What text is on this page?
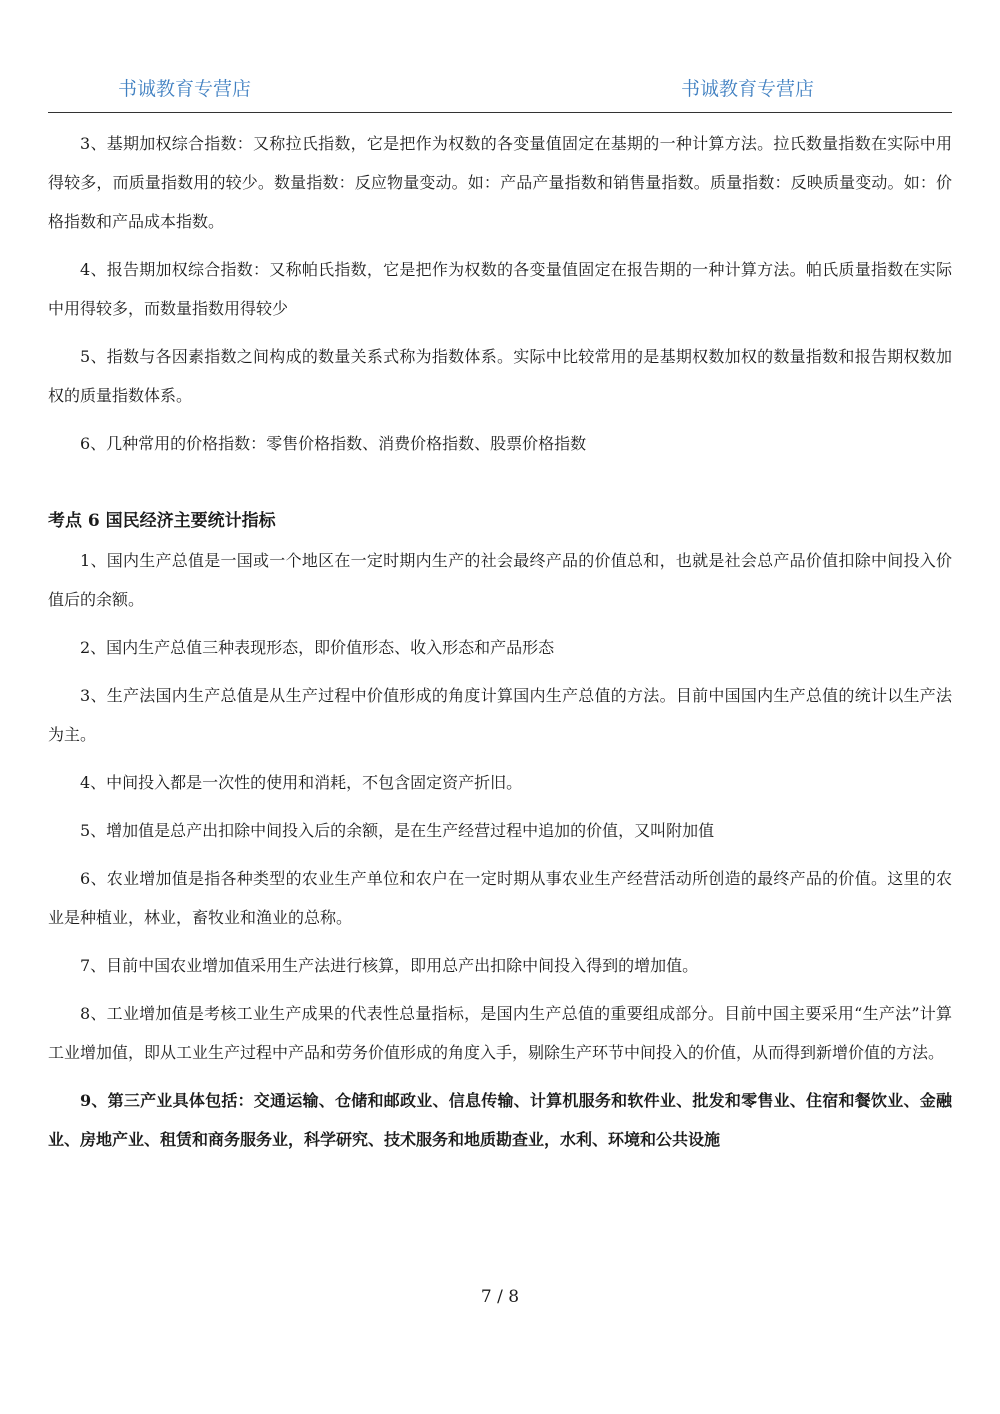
书诚教育专营店	书诚教育专营店

3、基期加权综合指数：又称拉氏指数，它是把作为权数的各变量值固定在基期的一种计算方法。拉氏数量指数在实际中用得较多，而质量指数用的较少。数量指数：反应物量变动。如：产品产量指数和销售量指数。质量指数：反映质量变动。如：价格指数和产品成本指数。

4、报告期加权综合指数：又称帕氏指数，它是把作为权数的各变量值固定在报告期的一种计算方法。帕氏质量指数在实际中用得较多，而数量指数用得较少

5、指数与各因素指数之间构成的数量关系式称为指数体系。实际中比较常用的是基期权数加权的数量指数和报告期权数加权的质量指数体系。

6、几种常用的价格指数：零售价格指数、消费价格指数、股票价格指数

考点 6 国民经济主要统计指标

1、国内生产总值是一国或一个地区在一定时期内生产的社会最终产品的价值总和，也就是社会总产品价值扣除中间投入价值后的余额。

2、国内生产总值三种表现形态，即价值形态、收入形态和产品形态

3、生产法国内生产总值是从生产过程中价值形成的角度计算国内生产总值的方法。目前中国国内生产总值的统计以生产法为主。

4、中间投入都是一次性的使用和消耗，不包含固定资产折旧。

5、增加值是总产出扣除中间投入后的余额，是在生产经营过程中追加的价值，又叫附加值

6、农业增加值是指各种类型的农业生产单位和农户在一定时期从事农业生产经营活动所创造的最终产品的价值。这里的农业是种植业，林业，畜牧业和渔业的总称。

7、目前中国农业增加值采用生产法进行核算，即用总产出扣除中间投入得到的增加值。

8、工业增加值是考核工业生产成果的代表性总量指标，是国内生产总值的重要组成部分。目前中国主要采用“生产法”计算工业增加值，即从工业生产过程中产品和劳务价值形成的角度入手，剔除生产环节中间投入的价值，从而得到新增价值的方法。

9、第三产业具体包括：交通运输、仓储和邮政业、信息传输、计算机服务和软件业、批发和零售业、住宿和餐饮业、金融业、房地产业、租赁和商务服务业，科学研究、技术服务和地质勘查业，水利、环境和公共设施

7 / 8
